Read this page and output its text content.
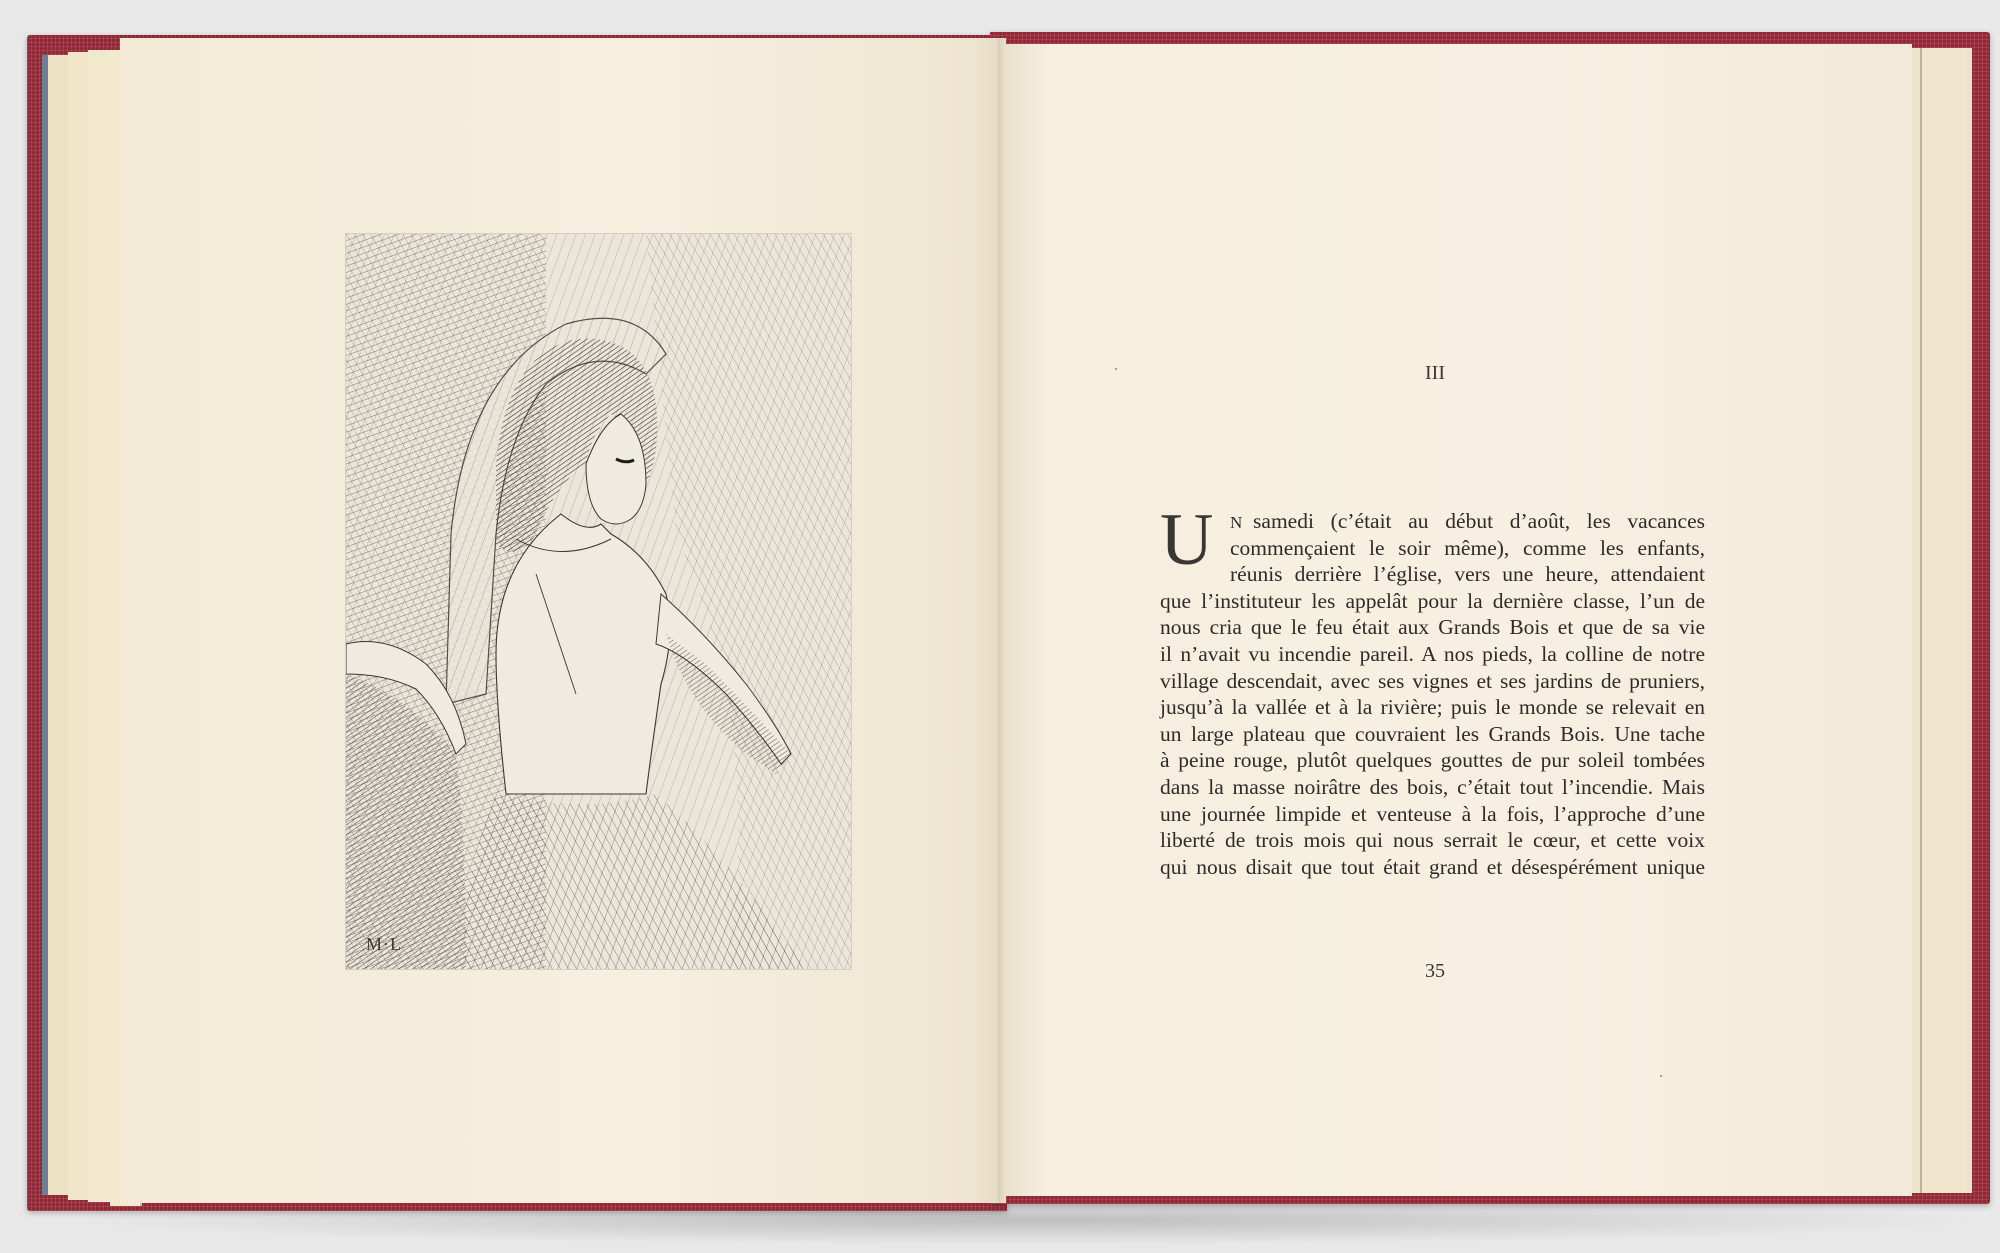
M·L
III
U N  samedi (c’était au début d’août, les vacances
commençaient le soir même), comme les enfants,
réunis derrière l’église, vers une heure, attendaient
que l’instituteur les appelât pour la dernière classe, l’un de
nous cria que le feu était aux Grands Bois et que de sa vie
il n’avait vu incendie pareil. A nos pieds, la colline de notre
village descendait, avec ses vignes et ses jardins de pruniers,
jusqu’à la vallée et à la rivière; puis le monde se relevait en
un large plateau que couvraient les Grands Bois. Une tache
à peine rouge, plutôt quelques gouttes de pur soleil tombées
dans la masse noirâtre des bois, c’était tout l’incendie. Mais
une journée limpide et venteuse à la fois, l’approche d’une
liberté de trois mois qui nous serrait le cœur, et cette voix
qui nous disait que tout était grand et désespérément unique
35
